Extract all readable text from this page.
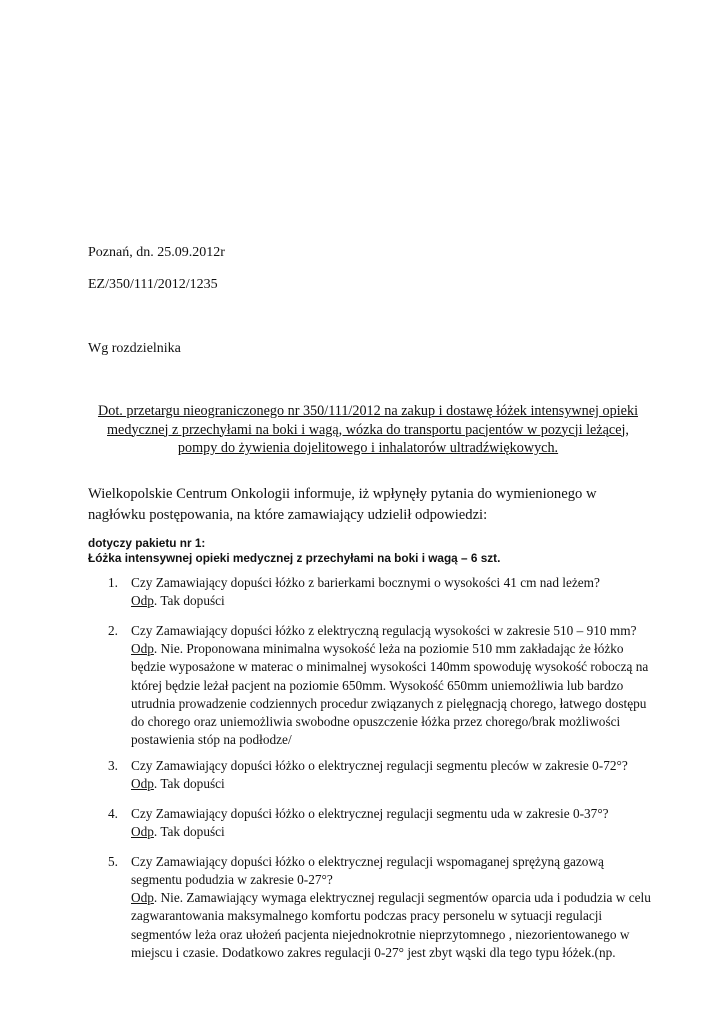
Poznań, dn. 25.09.2012r
EZ/350/111/2012/1235
Wg rozdzielnika
Dot. przetargu nieograniczonego nr 350/111/2012 na zakup i dostawę łóżek intensywnej opieki
medycznej z przechyłami na boki i wagą, wózka do transportu pacjentów w pozycji leżącej,
pompy do żywienia dojelitowego i inhalatorów ultradźwiękowych.
Wielkopolskie Centrum Onkologii informuje, iż wpłynęły pytania do wymienionego w
nagłówku postępowania, na które zamawiający udzielił odpowiedzi:
dotyczy pakietu nr 1:
Łóżka intensywnej opieki medycznej z przechyłami na boki i wagą – 6 szt.
1. Czy Zamawiający dopuści łóżko z barierkami bocznymi o wysokości 41 cm nad leżem?
Odp. Tak dopuści
2. Czy Zamawiający dopuści łóżko z elektryczną regulacją wysokości w zakresie 510 – 910 mm?
Odp. Nie. Proponowana minimalna wysokość leża na poziomie 510 mm zakładając że łóżko
będzie wyposażone w materac o minimalnej wysokości 140mm spowoduję wysokość roboczą na
której będzie leżał pacjent na poziomie 650mm. Wysokość 650mm uniemożliwia lub bardzo
utrudnia prowadzenie codziennych procedur związanych z pielęgnacją chorego, łatwego dostępu
do chorego oraz uniemożliwia swobodne opuszczenie łóżka przez chorego/brak możliwości
postawienia stóp na podłodze/
3. Czy Zamawiający dopuści łóżko o elektrycznej regulacji segmentu pleców w zakresie 0-72°?
Odp. Tak dopuści
4. Czy Zamawiający dopuści łóżko o elektrycznej regulacji segmentu uda w zakresie 0-37°?
Odp. Tak dopuści
5. Czy Zamawiający dopuści łóżko o elektrycznej regulacji wspomaganej sprężyną gazową
segmentu podudzia w zakresie 0-27°?
Odp. Nie. Zamawiający wymaga elektrycznej regulacji segmentów oparcia uda i podudzia w celu
zagwarantowania maksymalnego komfortu podczas pracy personelu w sytuacji regulacji
segmentów leża oraz ułożeń pacjenta niejednokrotnie nieprzytomnego , niezorientowanego w
miejscu i czasie. Dodatkowo zakres regulacji 0-27° jest zbyt wąski dla tego typu łóżek.(np.
